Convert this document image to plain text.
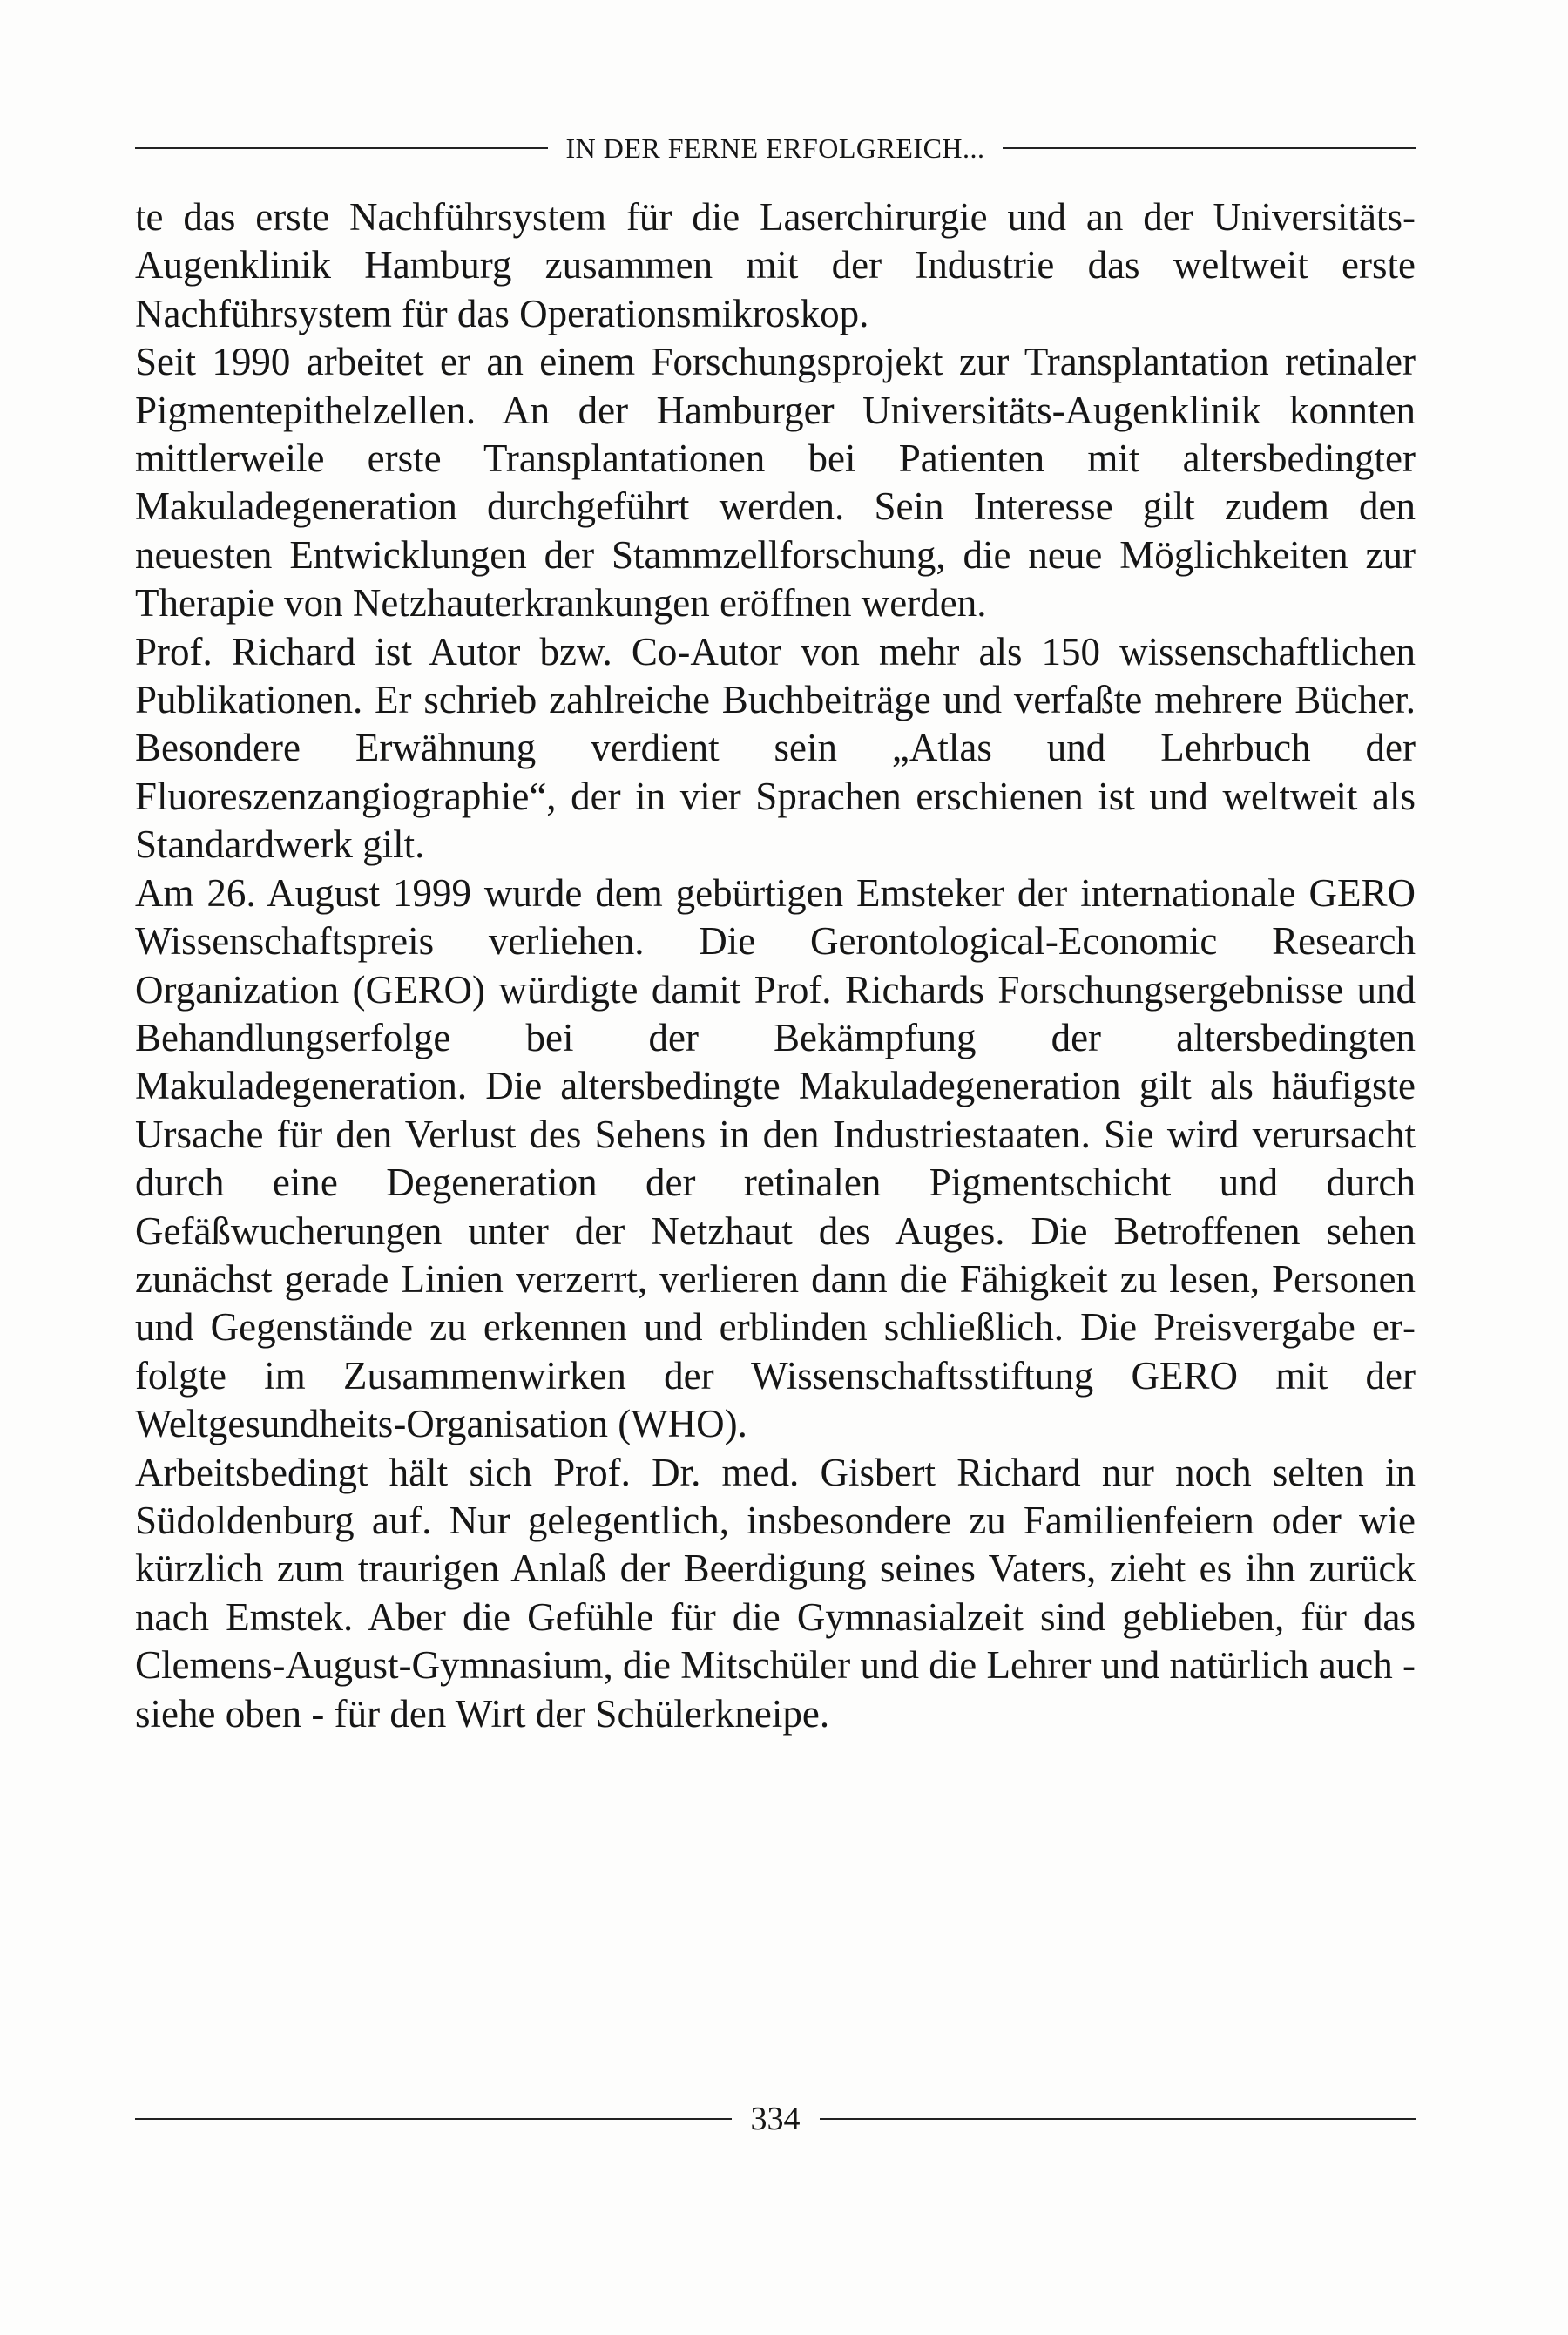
IN DER FERNE ERFOLGREICH...

te das erste Nachführsystem für die Laserchirurgie und an der Universitäts-Augenklinik Hamburg zusammen mit der Industrie das weltweit erste Nachführsystem für das Operationsmikroskop.

Seit 1990 arbeitet er an einem Forschungsprojekt zur Transplantation retinaler Pigmentepithelzellen. An der Hamburger Universitäts-Augenklinik konnten mittlerweile erste Transplantationen bei Patienten mit altersbedingter Makuladegeneration durchgeführt werden. Sein Interesse gilt zudem den neuesten Entwicklungen der Stammzellforschung, die neue Möglichkeiten zur Therapie von Netzhauterkrankungen eröffnen werden.

Prof. Richard ist Autor bzw. Co-Autor von mehr als 150 wissenschaftlichen Publikationen. Er schrieb zahlreiche Buchbeiträge und verfaßte mehrere Bücher. Besondere Erwähnung verdient sein „Atlas und Lehrbuch der Fluoreszenzangiographie“, der in vier Sprachen erschienen ist und weltweit als Standardwerk gilt.

Am 26. August 1999 wurde dem gebürtigen Emsteker der internationale GERO Wissenschaftspreis verliehen. Die Gerontological-Economic Research Organization (GERO) würdigte damit Prof. Richards Forschungsergebnisse und Behandlungserfolge bei der Bekämpfung der altersbedingten Makuladegeneration. Die altersbedingte Makuladegeneration gilt als häufigste Ursache für den Verlust des Sehens in den Industriestaaten. Sie wird verursacht durch eine Degeneration der retinalen Pigmentschicht und durch Gefäßwucherungen unter der Netzhaut des Auges. Die Betroffenen sehen zunächst gerade Linien verzerrt, verlieren dann die Fähigkeit zu lesen, Personen und Gegenstände zu erkennen und erblinden schließlich. Die Preisvergabe erfolgte im Zusammenwirken der Wissenschaftsstiftung GERO mit der Weltgesundheits-Organisation (WHO).

Arbeitsbedingt hält sich Prof. Dr. med. Gisbert Richard nur noch selten in Südoldenburg auf. Nur gelegentlich, insbesondere zu Familienfeiern oder wie kürzlich zum traurigen Anlaß der Beerdigung seines Vaters, zieht es ihn zurück nach Emstek. Aber die Gefühle für die Gymnasialzeit sind geblieben, für das Clemens-August-Gymnasium, die Mitschüler und die Lehrer und natürlich auch - siehe oben - für den Wirt der Schülerkneipe.

334
